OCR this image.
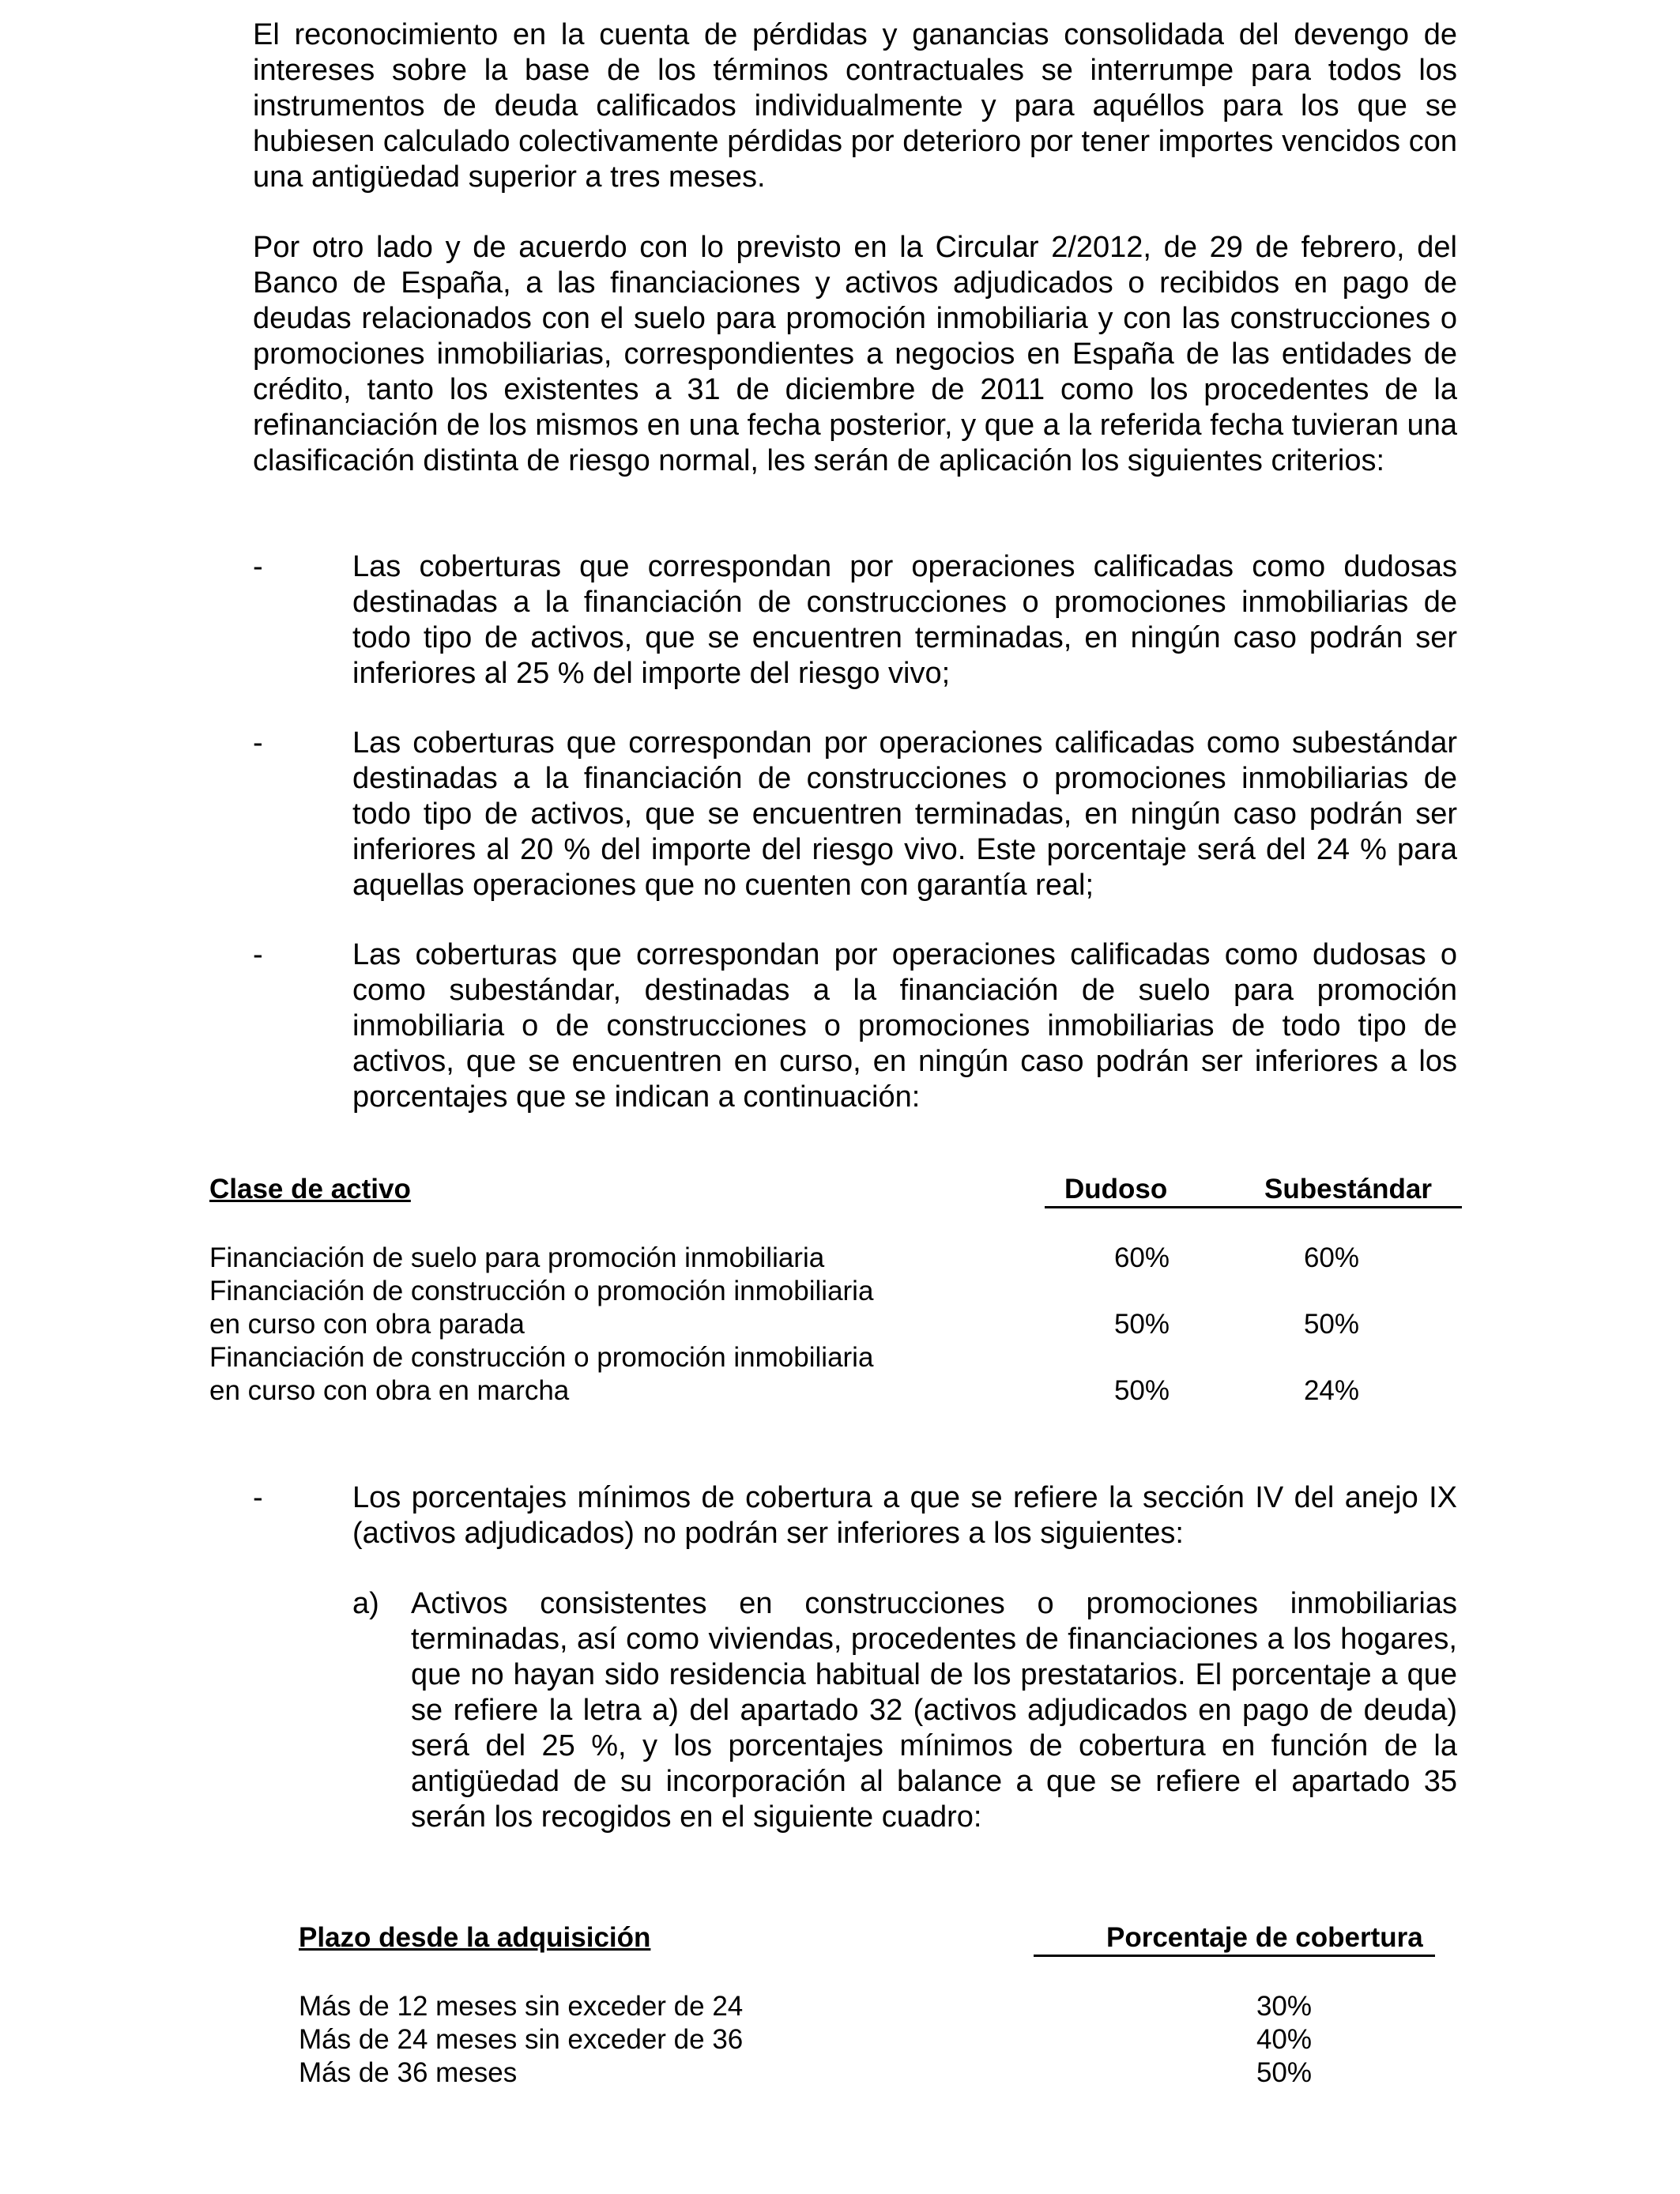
El reconocimiento en la cuenta de pérdidas y ganancias consolidada del devengo de intereses sobre la base de los términos contractuales se interrumpe para todos los instrumentos de deuda calificados individualmente y para aquéllos para los que se hubiesen calculado colectivamente pérdidas por deterioro por tener importes vencidos con una antigüedad superior a tres meses.

Por otro lado y de acuerdo con lo previsto en la Circular 2/2012, de 29 de febrero, del Banco de España, a las financiaciones y activos adjudicados o recibidos en pago de deudas relacionados con el suelo para promoción inmobiliaria y con las construcciones o promociones inmobiliarias, correspondientes a negocios en España de las entidades de crédito, tanto los existentes a 31 de diciembre de 2011 como los procedentes de la refinanciación de los mismos en una fecha posterior, y que a la referida fecha tuvieran una clasificación distinta de riesgo normal, les serán de aplicación los siguientes criterios:

-	Las coberturas que correspondan por operaciones calificadas como dudosas destinadas a la financiación de construcciones o promociones inmobiliarias de todo tipo de activos, que se encuentren terminadas, en ningún caso podrán ser inferiores al 25 % del importe del riesgo vivo;

-	Las coberturas que correspondan por operaciones calificadas como subestándar destinadas a la financiación de construcciones o promociones inmobiliarias de todo tipo de activos, que se encuentren terminadas, en ningún caso podrán ser inferiores al 20 % del importe del riesgo vivo. Este porcentaje será del 24 % para aquellas operaciones que no cuenten con garantía real;

-	Las coberturas que correspondan por operaciones calificadas como dudosas o como subestándar, destinadas a la financiación de suelo para promoción inmobiliaria o de construcciones o promociones inmobiliarias de todo tipo de activos, que se encuentren en curso, en ningún caso podrán ser inferiores a los porcentajes que se indican a continuación:

Clase de activo	Dudoso	Subestándar
Financiación de suelo para promoción inmobiliaria	60%	60%
Financiación de construcción o promoción inmobiliaria
en curso con obra parada	50%	50%
Financiación de construcción o promoción inmobiliaria
en curso con obra en marcha	50%	24%
-	Los porcentajes mínimos de cobertura a que se refiere la sección IV del anejo IX (activos adjudicados) no podrán ser inferiores a los siguientes:

a) Activos consistentes en construcciones o promociones inmobiliarias terminadas, así como viviendas, procedentes de financiaciones a los hogares, que no hayan sido residencia habitual de los prestatarios. El porcentaje a que se refiere la letra a) del apartado 32 (activos adjudicados en pago de deuda) será del 25 %, y los porcentajes mínimos de cobertura en función de la antigüedad de su incorporación al balance a que se refiere el apartado 35 serán los recogidos en el siguiente cuadro:

Plazo desde la adquisición	Porcentaje de cobertura
Más de 12 meses sin exceder de 24	30%
Más de 24 meses sin exceder de 36	40%
Más de 36 meses	50%
